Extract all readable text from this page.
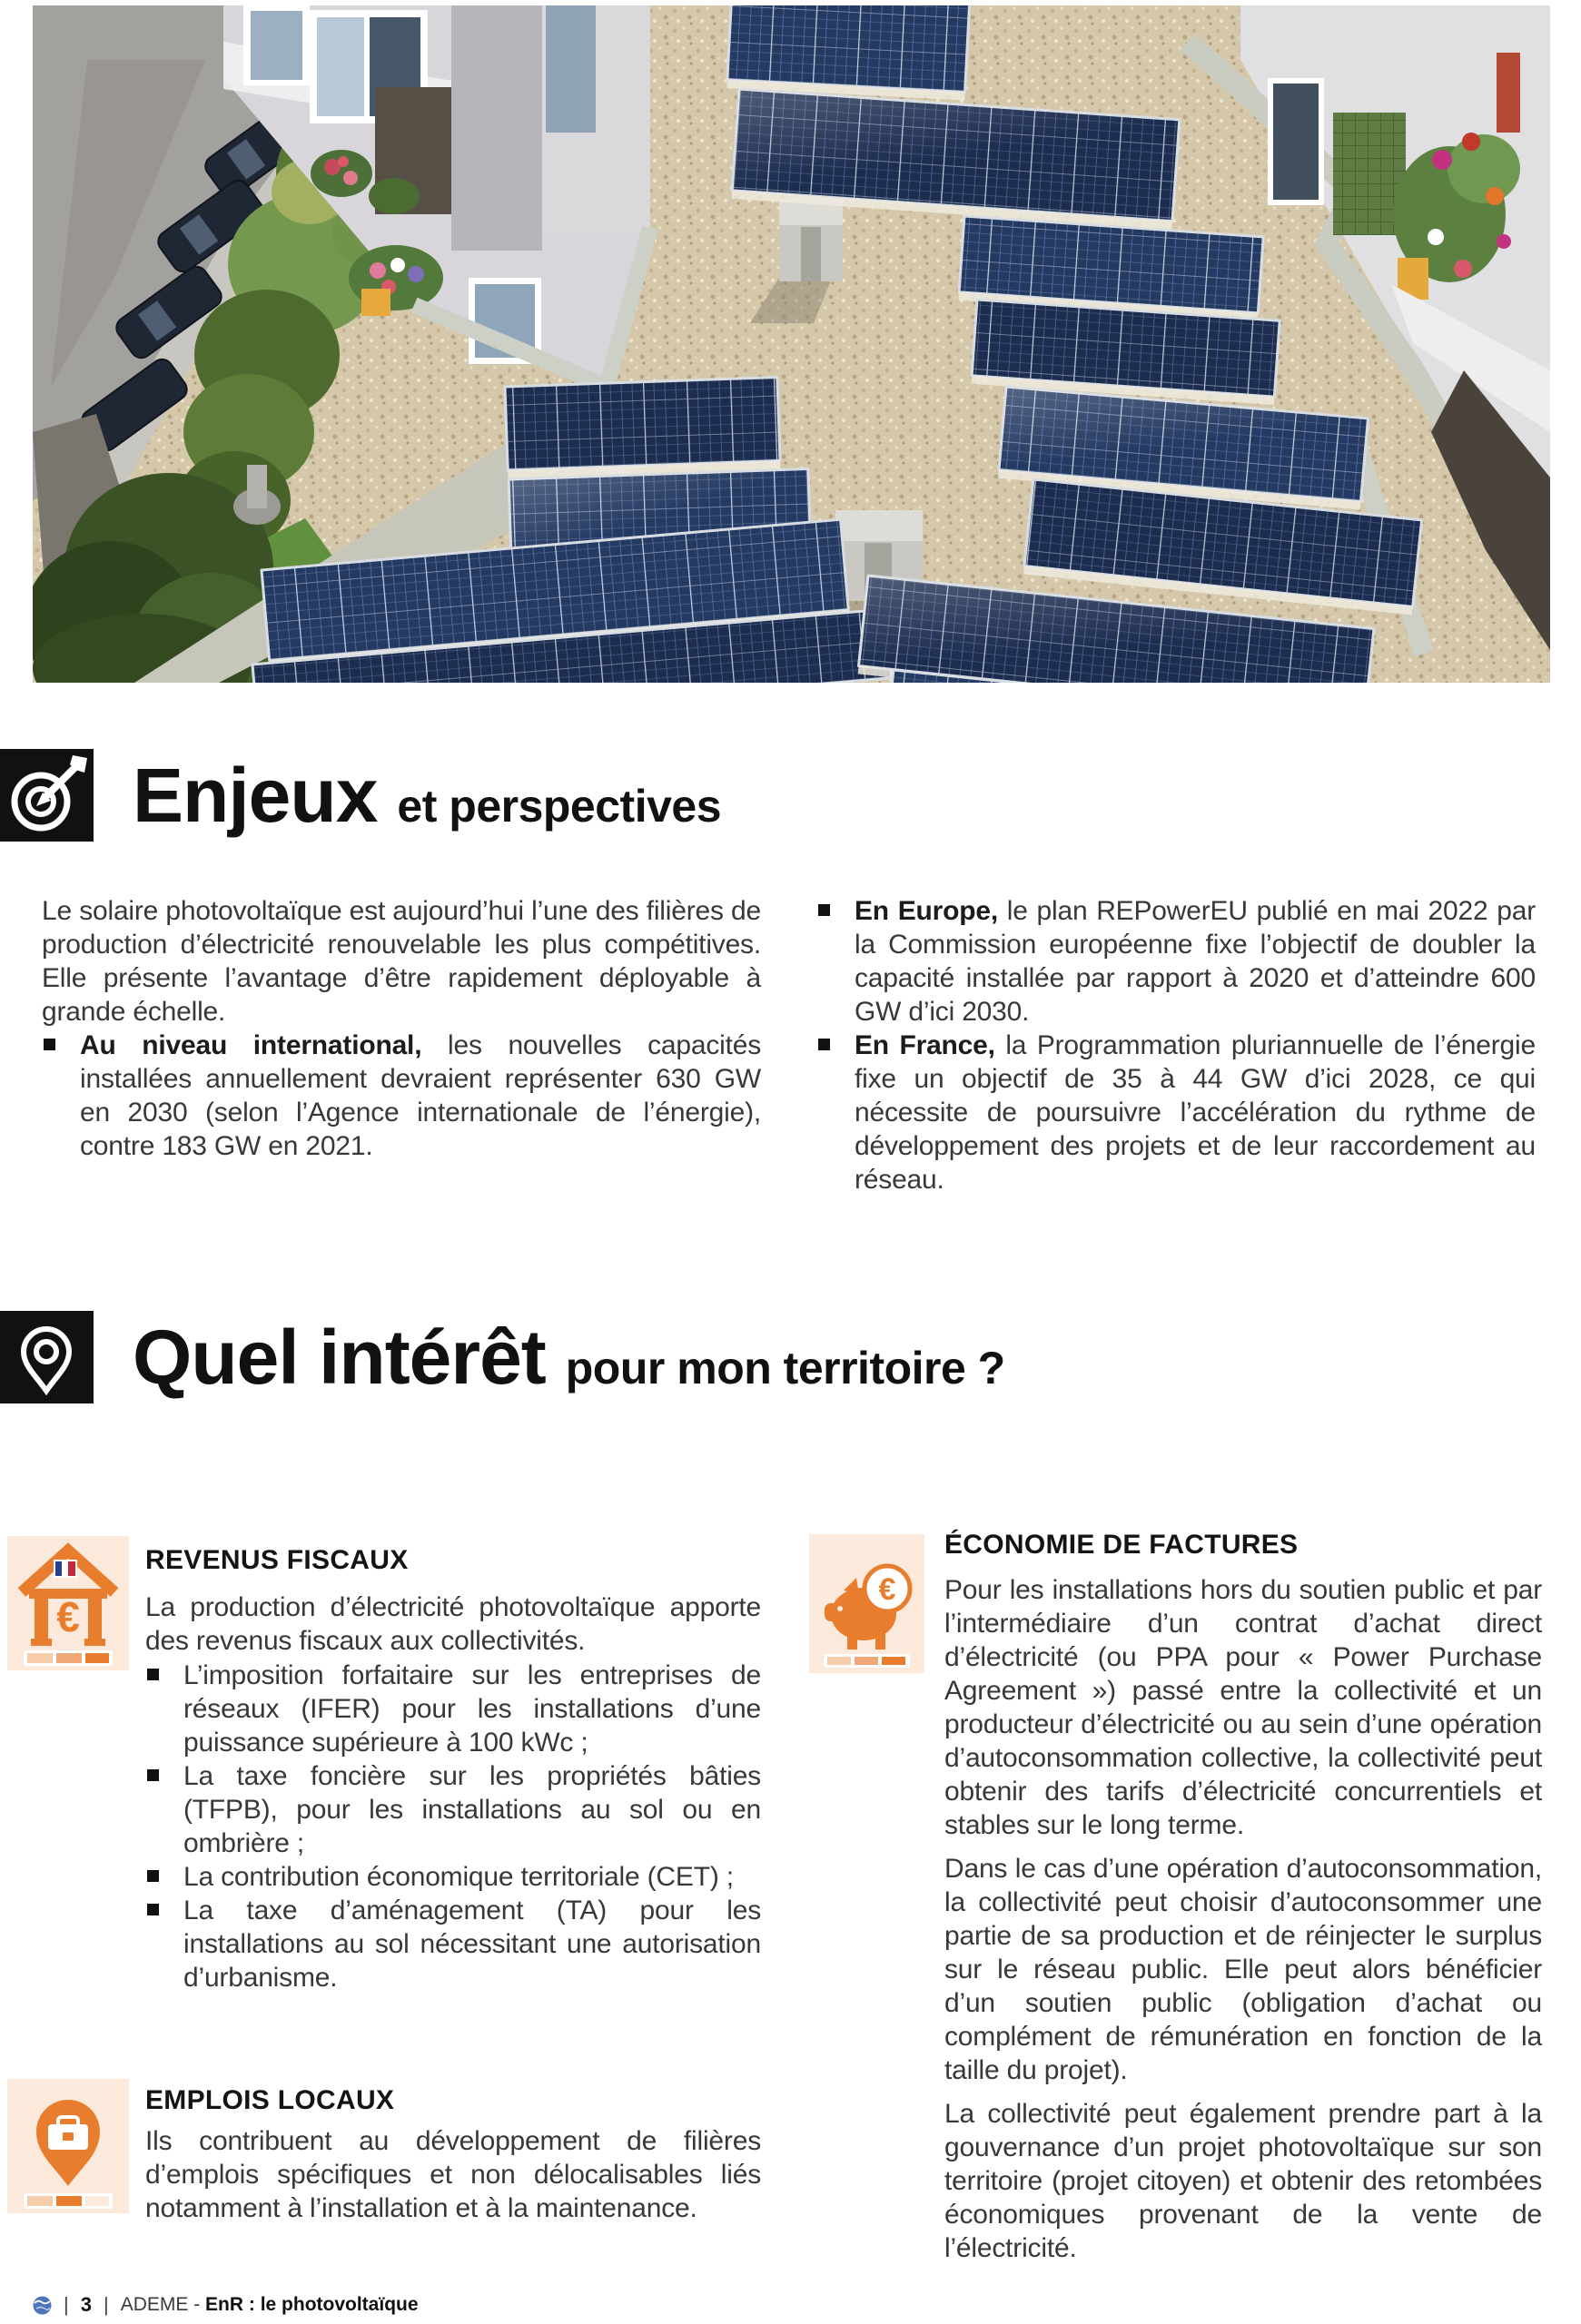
Enjeux et perspectives

Le solaire photovoltaïque est aujourd’hui l’une des filières de production d’électricité renouvelable les plus compétitives. Elle présente l’avantage d’être rapidement déployable à grande échelle.

Au niveau international, les nouvelles capacités installées annuellement devraient représenter 630 GW en 2030 (selon l’Agence internationale de l’énergie), contre 183 GW en 2021.
En Europe, le plan REPowerEU publié en mai 2022 par la Commission européenne fixe l’objectif de doubler la capacité installée par rapport à 2020 et d’atteindre 600 GW d’ici 2030.
En France, la Programmation pluriannuelle de l’énergie fixe un objectif de 35 à 44 GW d’ici 2028, ce qui nécessite de poursuivre l’accélération du rythme de développement des projets et de leur raccordement au réseau.
Quel intérêt pour mon territoire ?
€
REVENUS FISCAUX

La production d’électricité photovoltaïque apporte des revenus fiscaux aux collectivités.

L’imposition forfaitaire sur les entreprises de réseaux (IFER) pour les installations d’une puissance supérieure à 100 kWc ;
La taxe foncière sur les propriétés bâties (TFPB), pour les installations au sol ou en ombrière ;
La contribution économique territoriale (CET) ;
La taxe d’aménagement (TA) pour les installations au sol nécessitant une autorisation d’urbanisme.
€
ÉCONOMIE DE FACTURES

Pour les installations hors du soutien public et par l’intermédiaire d’un contrat d’achat direct d’électricité (ou PPA pour « Power Purchase Agreement ») passé entre la collectivité et un producteur d’électricité ou au sein d’une opération d’autoconsommation collective, la collectivité peut obtenir des tarifs d’électricité concurrentiels et stables sur le long terme.

Dans le cas d’une opération d’autoconsommation, la collectivité peut choisir d’autoconsommer une partie de sa production et de réinjecter le surplus sur le réseau public. Elle peut alors bénéficier d’un soutien public (obligation d’achat ou complément de rémunération en fonction de la taille du projet).

La collectivité peut également prendre part à la gouvernance d’un projet photovoltaïque sur son territoire (projet citoyen) et obtenir des retombées économiques provenant de la vente de l’électricité.

EMPLOIS LOCAUX

Ils contribuent au développement de filières d’emplois spécifiques et non délocalisables liés notamment à l’installation et à la maintenance.

| 3 | ADEME - EnR : le photovoltaïque
